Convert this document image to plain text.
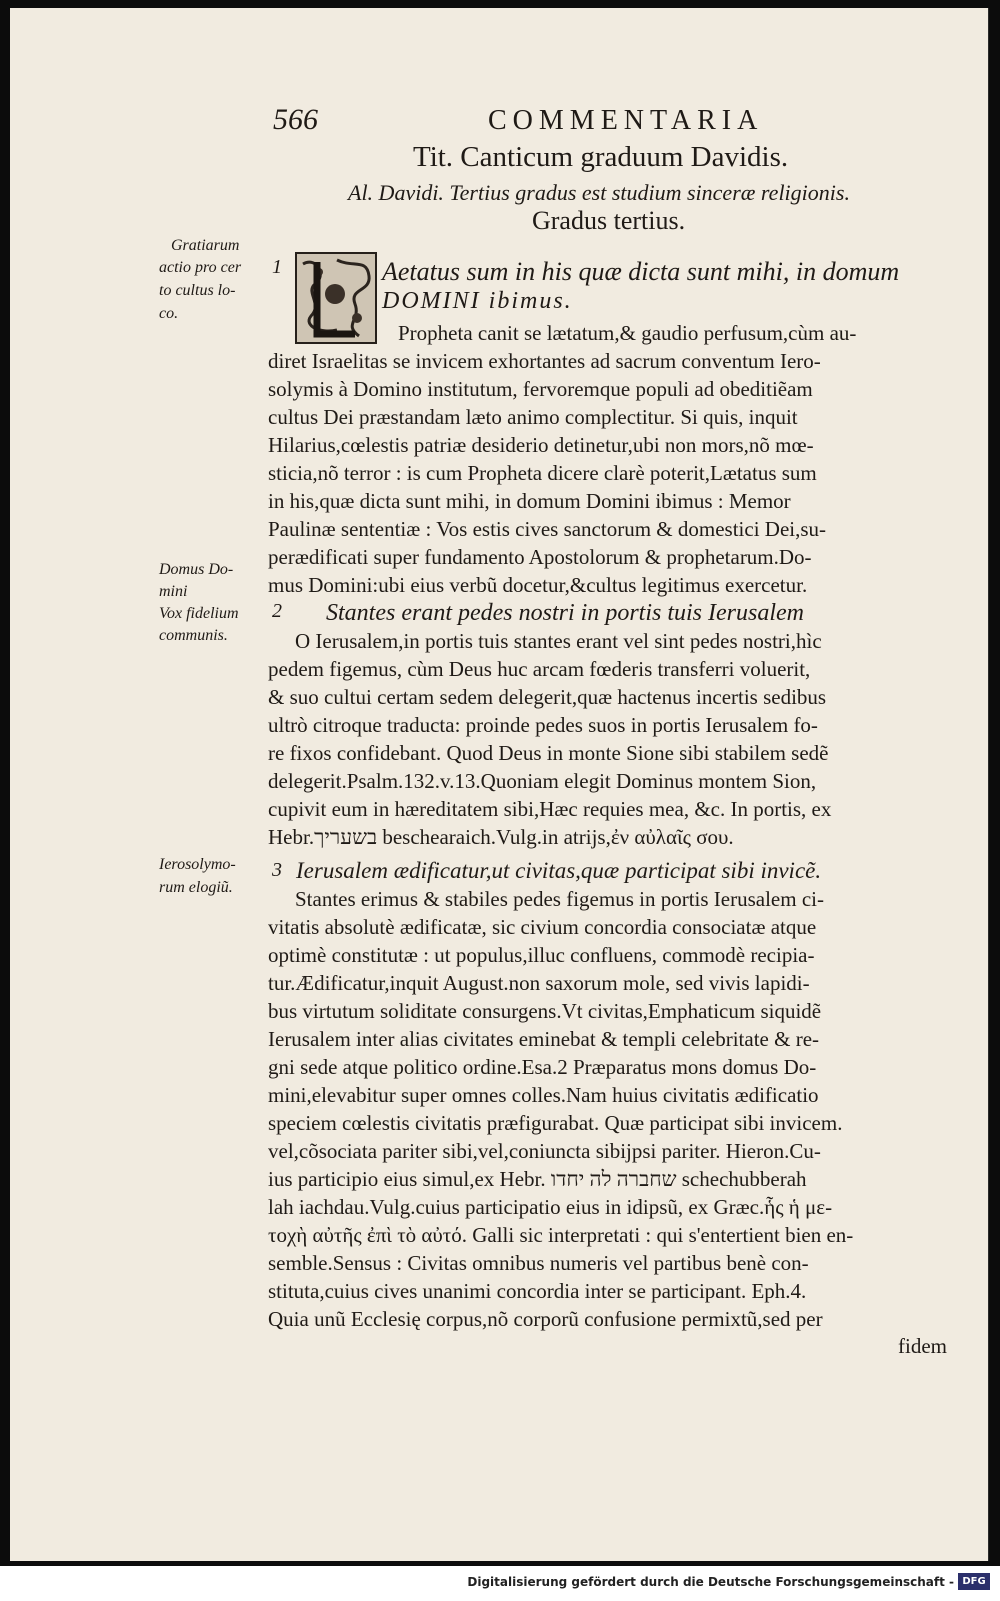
566	COMMENTARIA
Tit. Canticum graduum Davidis.
Al. Davidi. Tertius gradus est studium sinceræ religionis.
Gradus tertius.
Gratiarum
actio pro cer
to cultus lo-
co.
Domus Do-
mini
Vox fidelium
communis.
Ierosolymo-
rum elogiũ.
1
2
3
Aetatus sum in his quæ dicta sunt mihi, in domum
DOMINI ibimus.
Propheta canit se lætatum,& gaudio perfusum,cùm au-
diret Israelitas se invicem exhortantes ad sacrum conventum Iero-
solymis à Domino institutum, fervoremque populi ad obeditiẽam
cultus Dei præstandam læto animo complectitur. Si quis, inquit
Hilarius,cœlestis patriæ desiderio detinetur,ubi non mors,nõ mœ-
sticia,nõ terror : is cum Propheta dicere clarè poterit,Lætatus sum
in his,quæ dicta sunt mihi, in domum Domini ibimus : Memor
Paulinæ sententiæ : Vos estis cives sanctorum & domestici Dei,su-
perædificati super fundamento Apostolorum & prophetarum.Do-
mus Domini:ubi eius verbũ docetur,&cultus legitimus exercetur.
Stantes erant pedes nostri in portis tuis Ierusalem
O Ierusalem,in portis tuis stantes erant vel sint pedes nostri,hìc
pedem figemus, cùm Deus huc arcam fœderis transferri voluerit,
& suo cultui certam sedem delegerit,quæ hactenus incertis sedibus
ultrò citroque traducta: proinde pedes suos in portis Ierusalem fo-
re fixos confidebant. Quod Deus in monte Sione sibi stabilem sedẽ
delegerit.Psalm.132.v.13.Quoniam elegit Dominus montem Sion,
cupivit eum in hæreditatem sibi,Hæc requies mea, &c. In portis, ex
Hebr.בשעריך beschearaich.Vulg.in atrijs,ἐν αὐλαῖς σου.
Ierusalem ædificatur,ut civitas,quæ participat sibi invicẽ.
Stantes erimus & stabiles pedes figemus in portis Ierusalem ci-
vitatis absolutè ædificatæ, sic civium concordia consociatæ atque
optimè constitutæ : ut populus,illuc confluens, commodè recipia-
tur.Ædificatur,inquit August.non saxorum mole, sed vivis lapidi-
bus virtutum soliditate consurgens.Vt civitas,Emphaticum siquidẽ
Ierusalem inter alias civitates eminebat & templi celebritate & re-
gni sede atque politico ordine.Esa.2 Præparatus mons domus Do-
mini,elevabitur super omnes colles.Nam huius civitatis ædificatio
speciem cœlestis civitatis præfigurabat. Quæ participat sibi invicem.
vel,cõsociata pariter sibi,vel,coniuncta sibijpsi pariter. Hieron.Cu-
ius participio eius simul,ex Hebr. שחברה לה יחדו schechubberah
lah iachdau.Vulg.cuius participatio eius in idipsũ, ex Græc.ἧς ἡ με-
τοχὴ αὐτῆς ἐπὶ τὸ αὐτό. Galli sic interpretati : qui s'entertient bien en-
semble.Sensus : Civitas omnibus numeris vel partibus benè con-
stituta,cuius cives unanimi concordia inter se participant. Eph.4.
Quia unũ Ecclesię corpus,nõ corporũ confusione permixtũ,sed per
fidem
Digitalisierung gefördert durch die Deutsche Forschungsgemeinschaft - DFG
